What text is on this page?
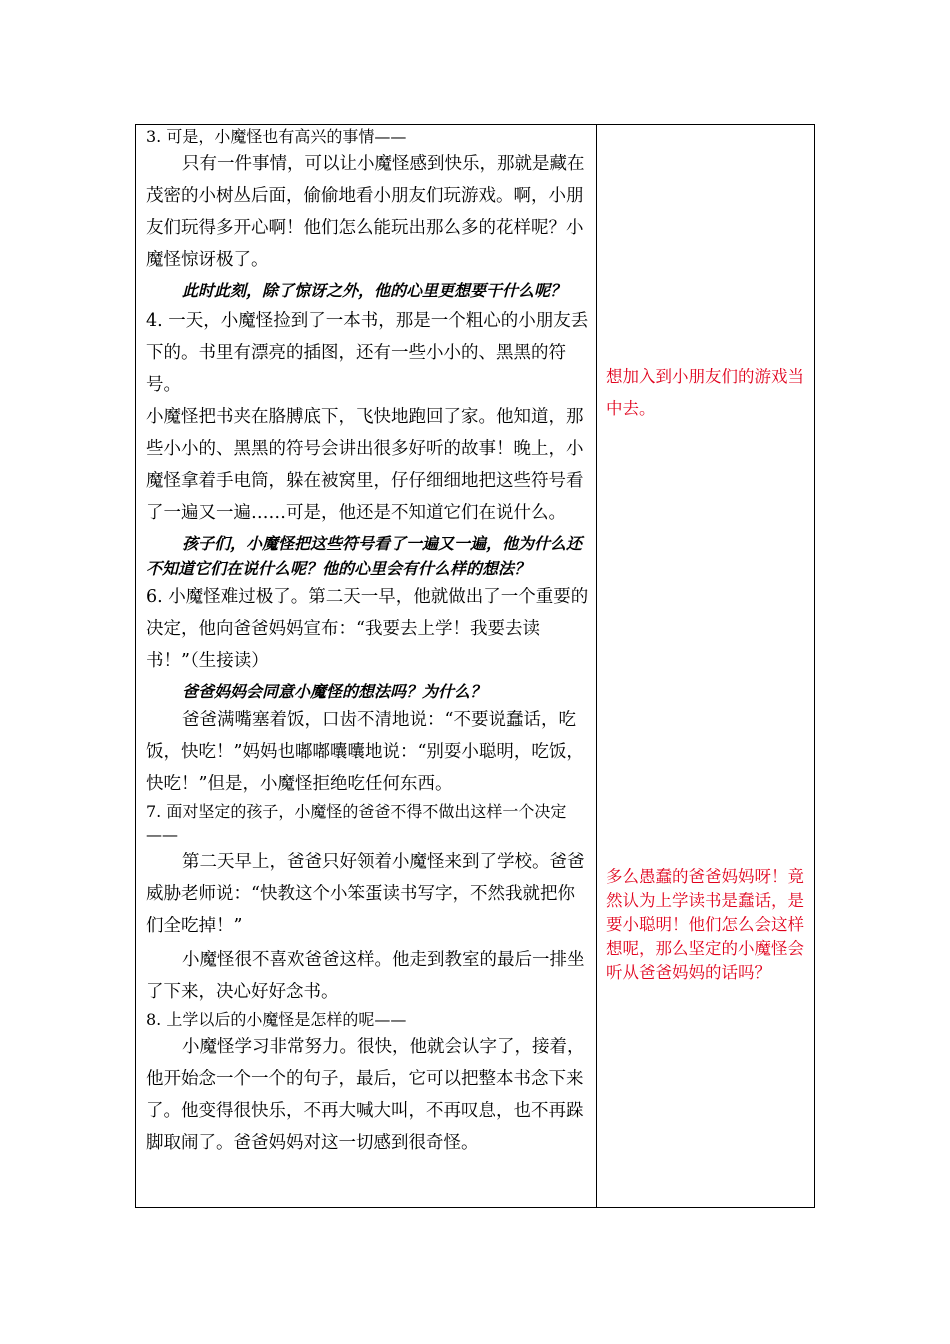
3. 可是，小魔怪也有高兴的事情——

只有一件事情，可以让小魔怪感到快乐，那就是藏在茂密的小树丛后面，偷偷地看小朋友们玩游戏。啊，小朋友们玩得多开心啊！他们怎么能玩出那么多的花样呢？小魔怪惊讶极了。

此时此刻，除了惊讶之外，他的心里更想要干什么呢？

4. 一天，小魔怪捡到了一本书，那是一个粗心的小朋友丢下的。书里有漂亮的插图，还有一些小小的、黑黑的符号。

小魔怪把书夹在胳膊底下，飞快地跑回了家。他知道，那些小小的、黑黑的符号会讲出很多好听的故事！晚上，小魔怪拿着手电筒，躲在被窝里，仔仔细细地把这些符号看了一遍又一遍……可是，他还是不知道它们在说什么。

孩子们，小魔怪把这些符号看了一遍又一遍，他为什么还不知道它们在说什么呢？他的心里会有什么样的想法？

6. 小魔怪难过极了。第二天一早，他就做出了一个重要的决定，他向爸爸妈妈宣布：“我要去上学！我要去读书！”（生接读）

爸爸妈妈会同意小魔怪的想法吗？为什么？

爸爸满嘴塞着饭，口齿不清地说：“不要说蠢话，吃饭，快吃！”妈妈也嘟嘟囔囔地说：“别耍小聪明，吃饭，快吃！”但是，小魔怪拒绝吃任何东西。

7. 面对坚定的孩子，小魔怪的爸爸不得不做出这样一个决定——

第二天早上，爸爸只好领着小魔怪来到了学校。爸爸威胁老师说：“快教这个小笨蛋读书写字，不然我就把你们全吃掉！”

小魔怪很不喜欢爸爸这样。他走到教室的最后一排坐了下来，决心好好念书。

8. 上学以后的小魔怪是怎样的呢——

小魔怪学习非常努力。很快，他就会认字了，接着，他开始念一个一个的句子，最后，它可以把整本书念下来了。他变得很快乐，不再大喊大叫，不再叹息，也不再跺脚取闹了。爸爸妈妈对这一切感到很奇怪。

想加入到小朋友们的游戏当中去。

多么愚蠢的爸爸妈妈呀！竟然认为上学读书是蠢话，是要小聪明！他们怎么会这样想呢，那么坚定的小魔怪会听从爸爸妈妈的话吗？
